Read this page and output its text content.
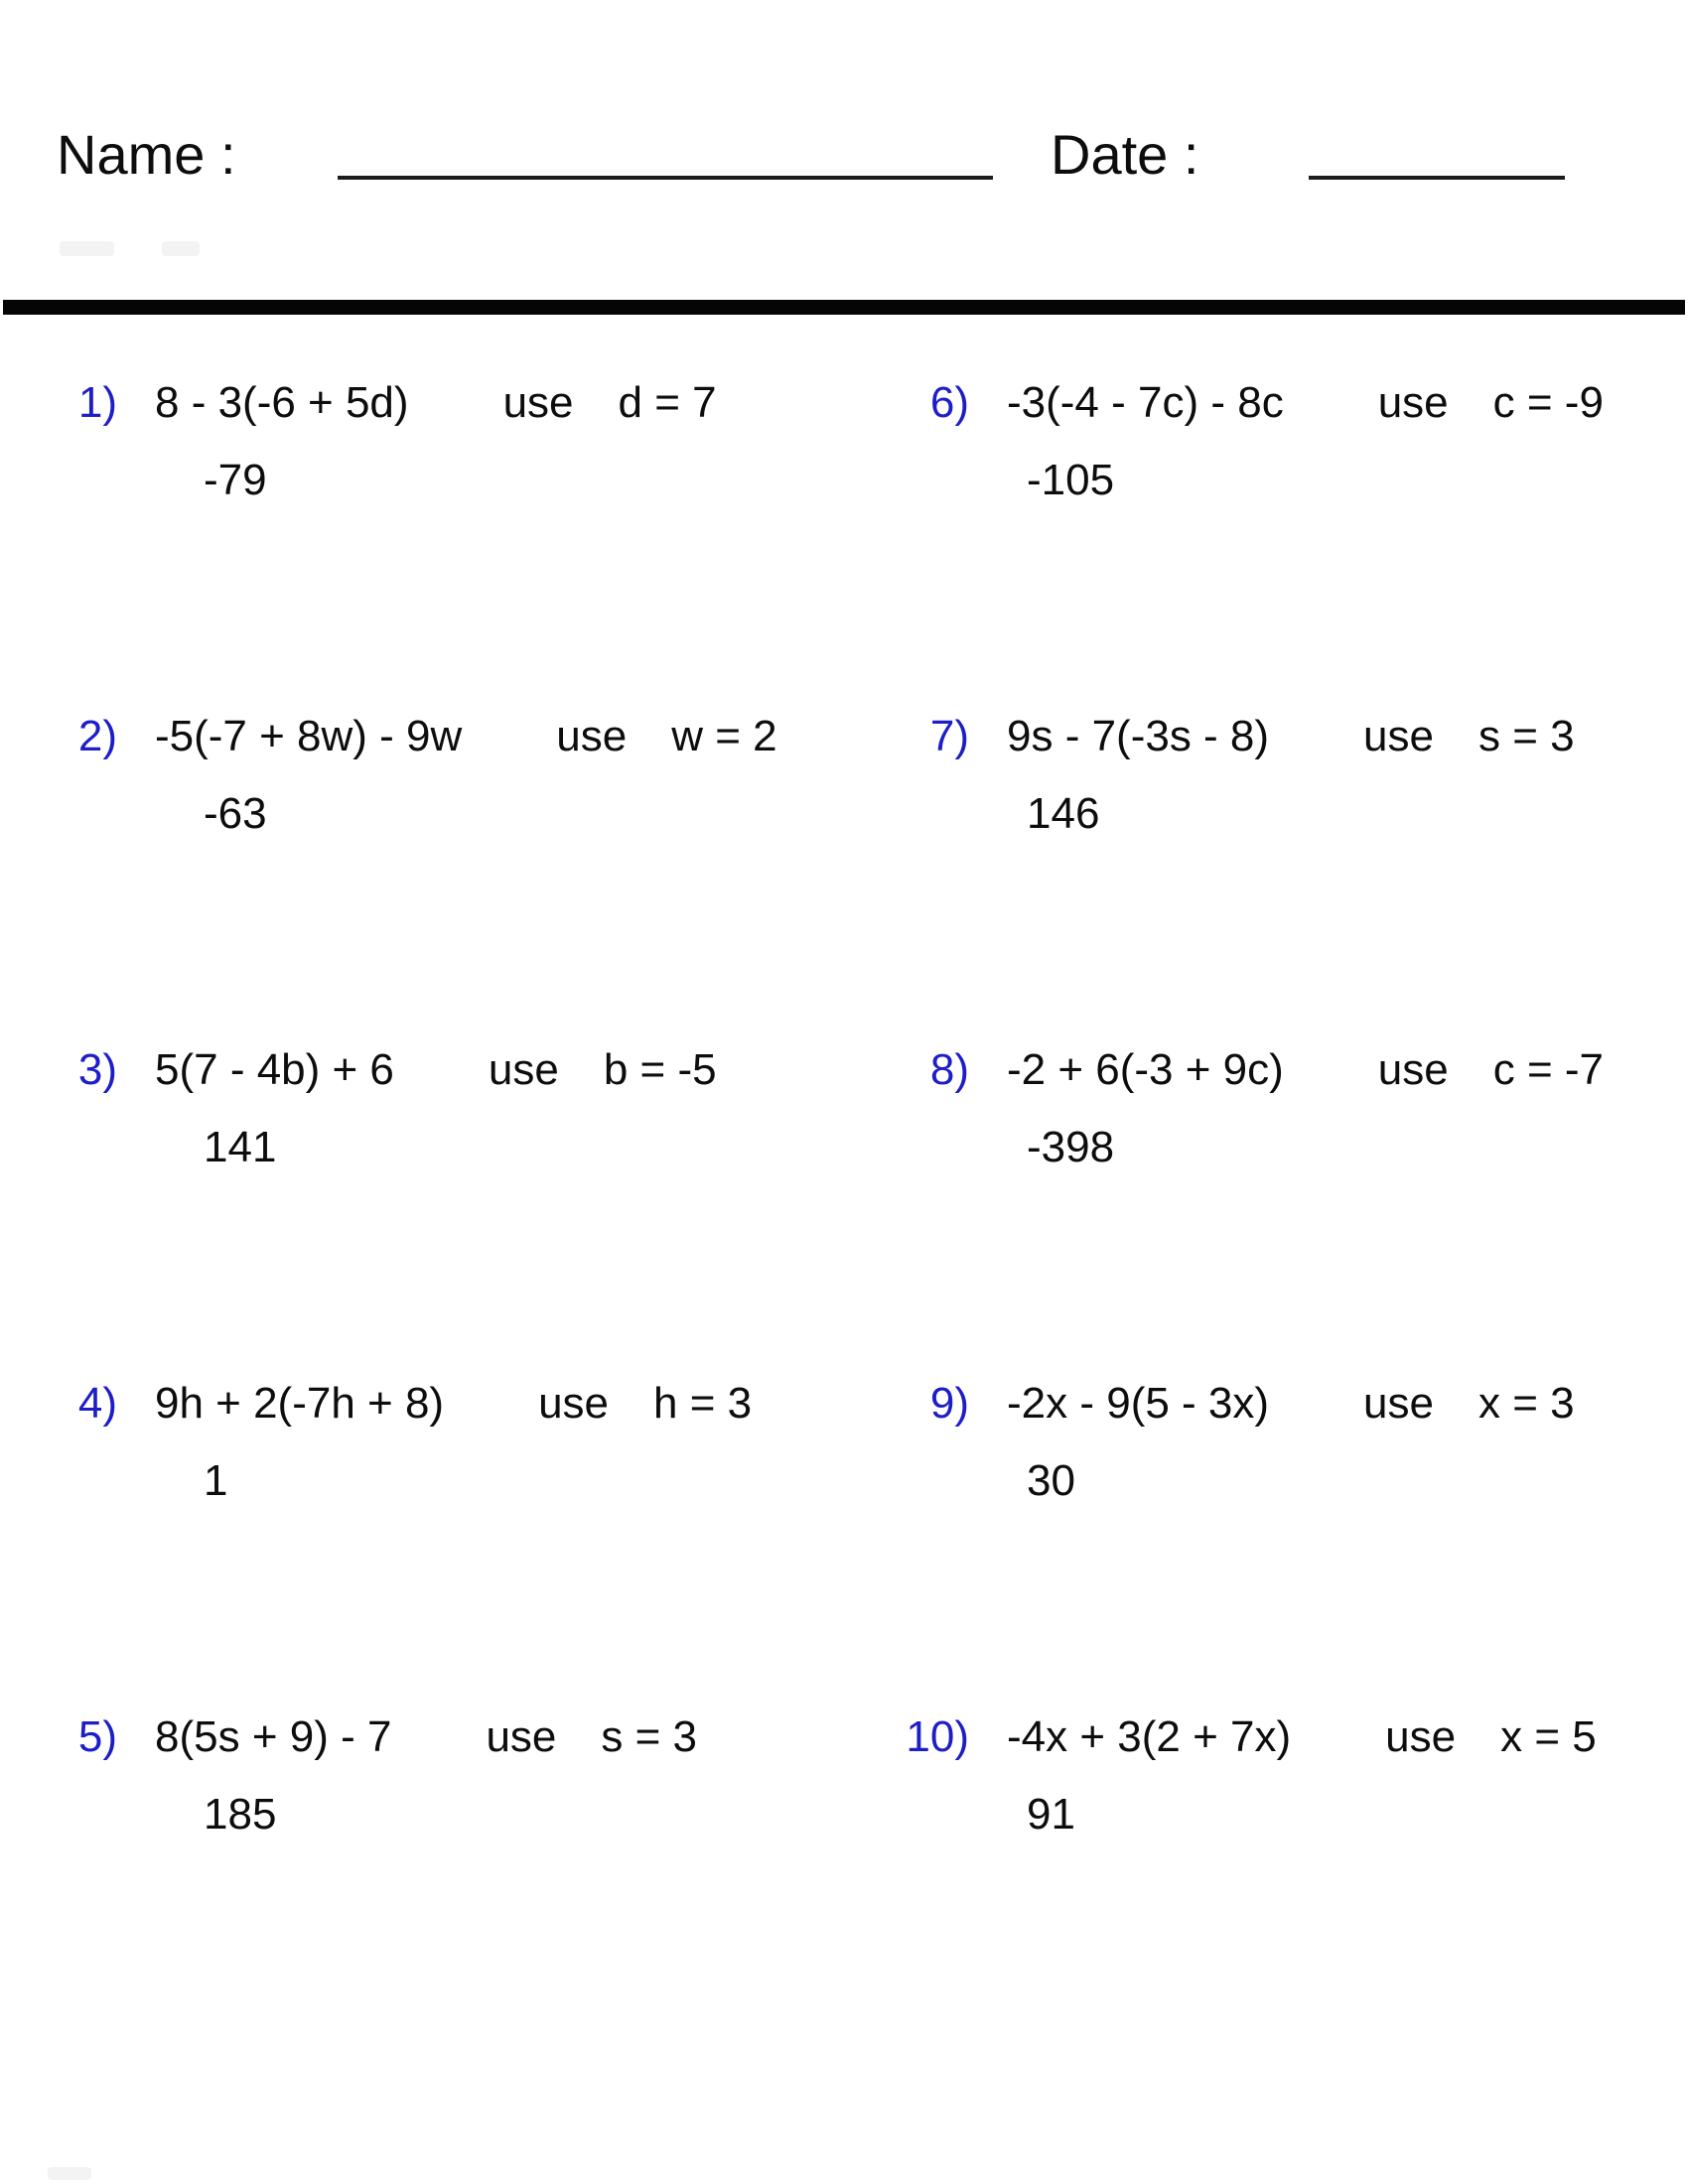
Name :	Date :
1) 8 - 3(-6 + 5d) use d = 7
-79
2) -5(-7 + 8w) - 9w use w = 2
-63
3) 5(7 - 4b) + 6 use b = -5
141
4) 9h + 2(-7h + 8) use h = 3
1
5) 8(5s + 9) - 7 use s = 3
185
6) -3(-4 - 7c) - 8c use c = -9
-105
7) 9s - 7(-3s - 8) use s = 3
146
8) -2 + 6(-3 + 9c) use c = -7
-398
9) -2x - 9(5 - 3x) use x = 3
30
10) -4x + 3(2 + 7x) use x = 5
91
